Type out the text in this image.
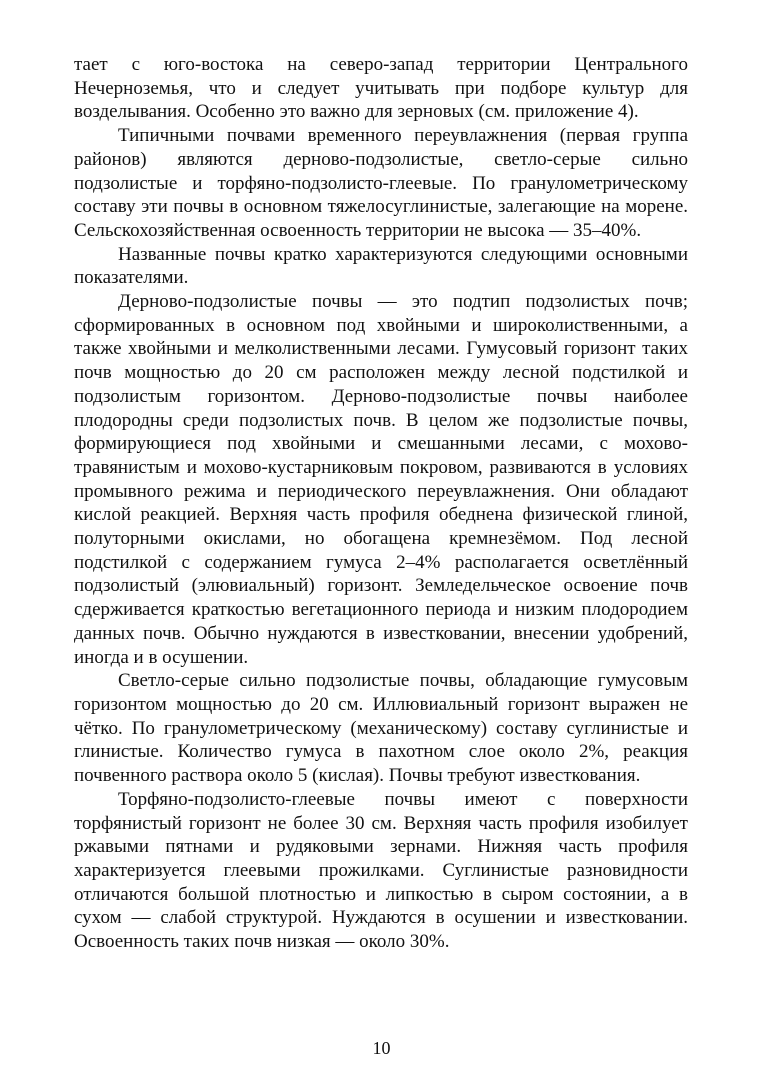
тает с юго-востока на северо-запад территории Центрального Нечерноземья, что и следует учитывать при подборе культур для возделывания. Особенно это важно для зерновых (см. приложение 4).

Типичными почвами временного переувлажнения (первая группа районов) являются дерново-подзолистые, светло-серые сильно подзолистые и торфяно-подзолисто-глеевые. По гранулометрическому составу эти почвы в основном тяжелосуглинистые, залегающие на морене. Сельскохозяйственная освоенность территории не высока — 35–40%.

Названные почвы кратко характеризуются следующими основными показателями.

Дерново-подзолистые почвы — это подтип подзолистых почв; сформированных в основном под хвойными и широколиственными, а также хвойными и мелколиственными лесами. Гумусовый горизонт таких почв мощностью до 20 см расположен между лесной подстилкой и подзолистым горизонтом. Дерново-подзолистые почвы наиболее плодородны среди подзолистых почв. В целом же подзолистые почвы, формирующиеся под хвойными и смешанными лесами, с мохово-травянистым и мохово-кустарниковым покровом, развиваются в условиях промывного режима и периодического переувлажнения. Они обладают кислой реакцией. Верхняя часть профиля обеднена физической глиной, полуторными окислами, но обогащена кремнезёмом. Под лесной подстилкой с содержанием гумуса 2–4% располагается осветлённый подзолистый (элювиальный) горизонт. Земледельческое освоение почв сдерживается краткостью вегетационного периода и низким плодородием данных почв. Обычно нуждаются в известковании, внесении удобрений, иногда и в осушении.

Светло-серые сильно подзолистые почвы, обладающие гумусовым горизонтом мощностью до 20 см. Иллювиальный горизонт выражен не чётко. По гранулометрическому (механическому) составу суглинистые и глинистые. Количество гумуса в пахотном слое около 2%, реакция почвенного раствора около 5 (кислая). Почвы требуют известкования.

Торфяно-подзолисто-глеевые почвы имеют с поверхности торфянистый горизонт не более 30 см. Верхняя часть профиля изобилует ржавыми пятнами и рудяковыми зернами. Нижняя часть профиля характеризуется глеевыми прожилками. Суглинистые разновидности отличаются большой плотностью и липкостью в сыром состоянии, а в сухом — слабой структурой. Нуждаются в осушении и известковании. Освоенность таких почв низкая — около 30%.

10
